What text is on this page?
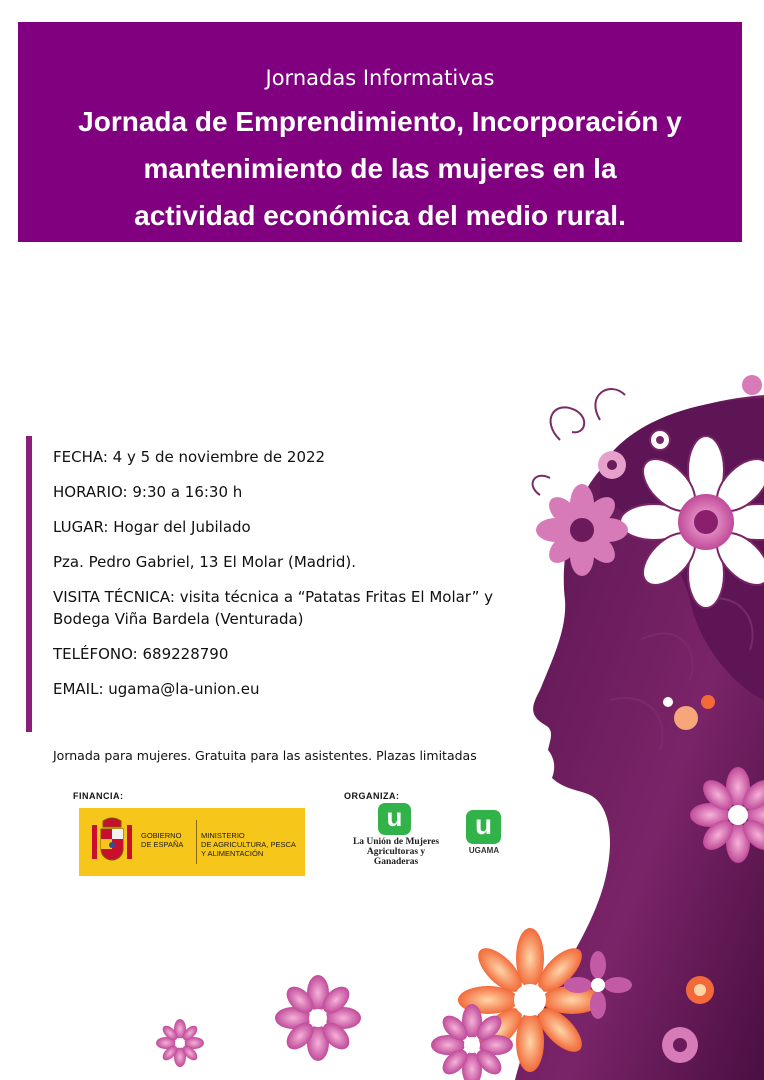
Jornadas Informativas
Jornada de Emprendimiento, Incorporación y
mantenimiento de las mujeres en la
actividad económica del medio rural.
FECHA: 4 y 5 de noviembre de 2022
HORARIO: 9:30 a 16:30 h
LUGAR: Hogar del Jubilado
Pza. Pedro Gabriel, 13 El Molar (Madrid).
VISITA TÉCNICA: visita técnica a “Patatas Fritas El Molar” y
Bodega Viña Bardela (Venturada)
TELÉFONO: 689228790
EMAIL: ugama@la-union.eu
Jornada para mujeres. Gratuita para las asistentes. Plazas limitadas
FINANCIA:	ORGANIZA:
GOBIERNO
DE ESPAÑA
MINISTERIO
DE AGRICULTURA, PESCA
Y ALIMENTACIÓN
u
La Unión de Mujeres
Agricultoras y Ganaderas
u
UGAMA
